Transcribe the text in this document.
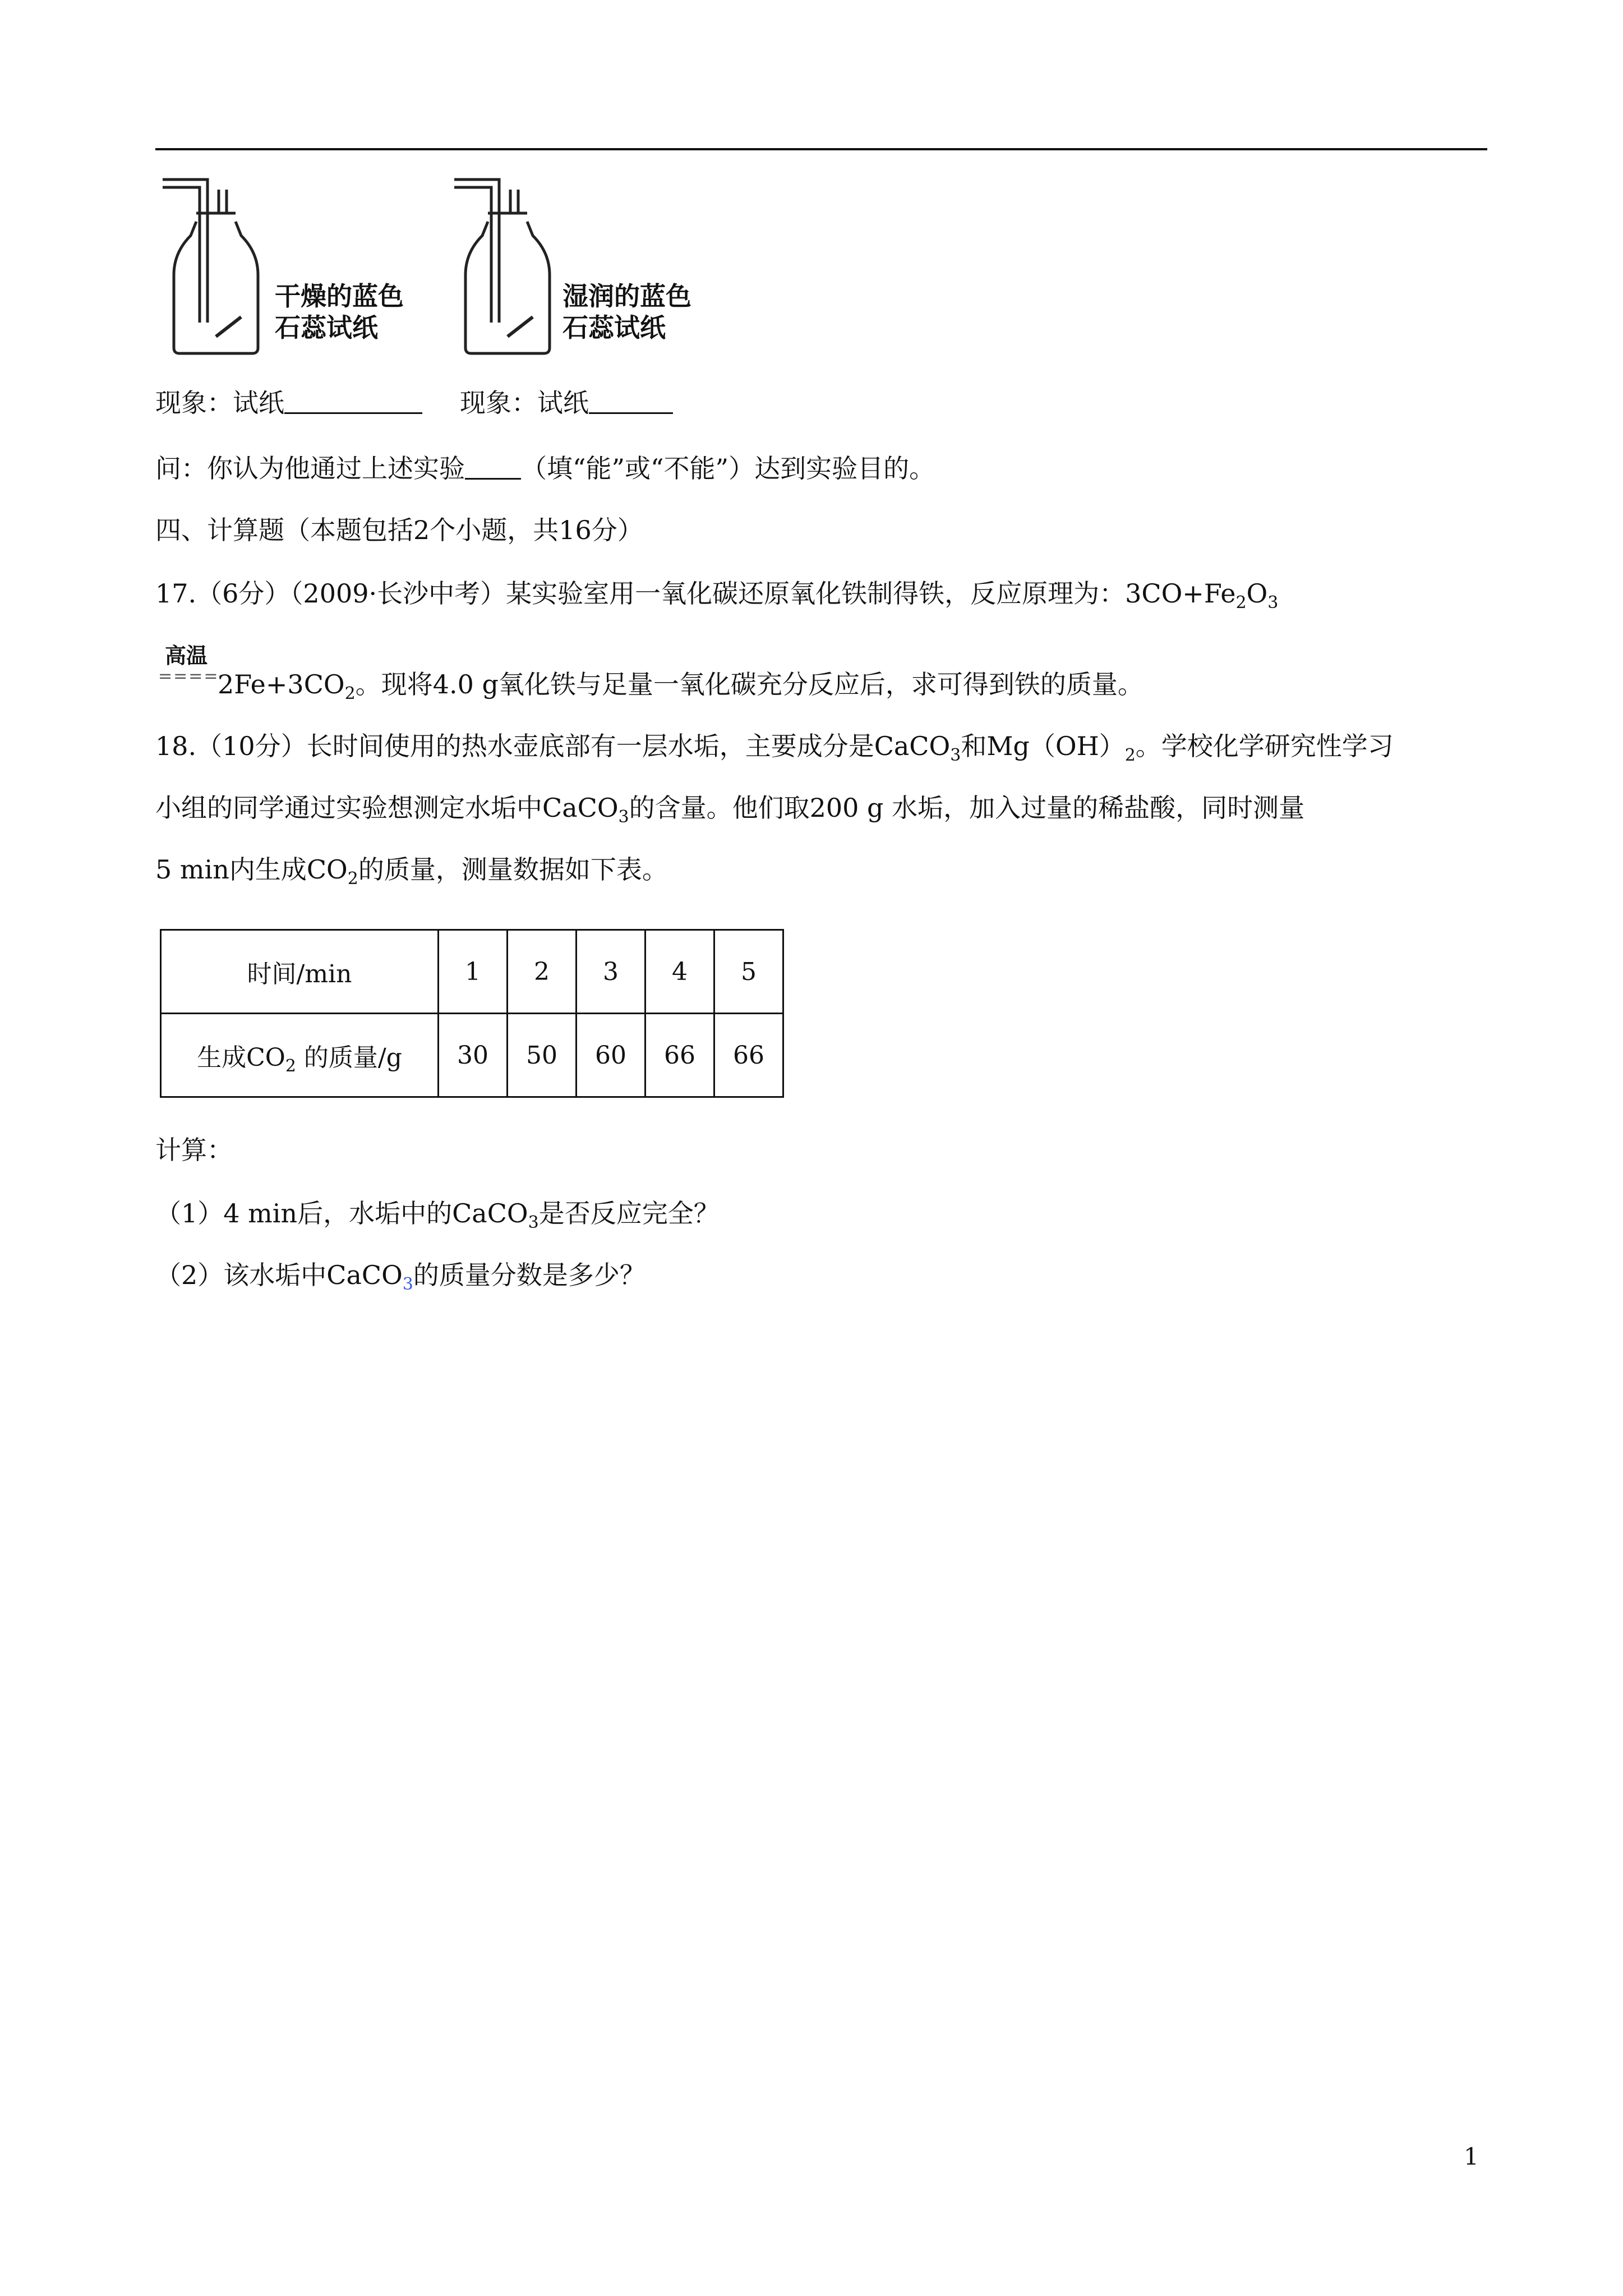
干燥的蓝色
石蕊试纸
湿润的蓝色
石蕊试纸
现象：试纸	现象：试纸
问：你认为他通过上述实验 （填“能”或“不能”）达到实验目的。
四、计算题（本题包括2个小题，共16分）
17.（6分）（2009·长沙中考）某实验室用一氧化碳还原氧化铁制得铁，反应原理为：$3CO+Fe_2O_3$
高温
====
$2Fe+3CO_2$。现将4.0 g氧化铁与足量一氧化碳充分反应后，求可得到铁的质量。
18.（10分）长时间使用的热水壶底部有一层水垢，主要成分是CaCO$_3$和$Mg(OH)_2$。学校化学研究性学习
小组的同学通过实验想测定水垢中CaCO$_3$的含量。他们取200 g 水垢，加入过量的稀盐酸，同时测量
5 min内生成$CO_2$的质量，测量数据如下表。
时间/min	1	2	3	4	5
生成$CO_2$ 的质量/g	30	50	60	66	66
计算：
（1）4 min后，水垢中的CaCO$_3$是否反应完全？
（2）该水垢中CaCO$_3$的质量分数是多少？
1
